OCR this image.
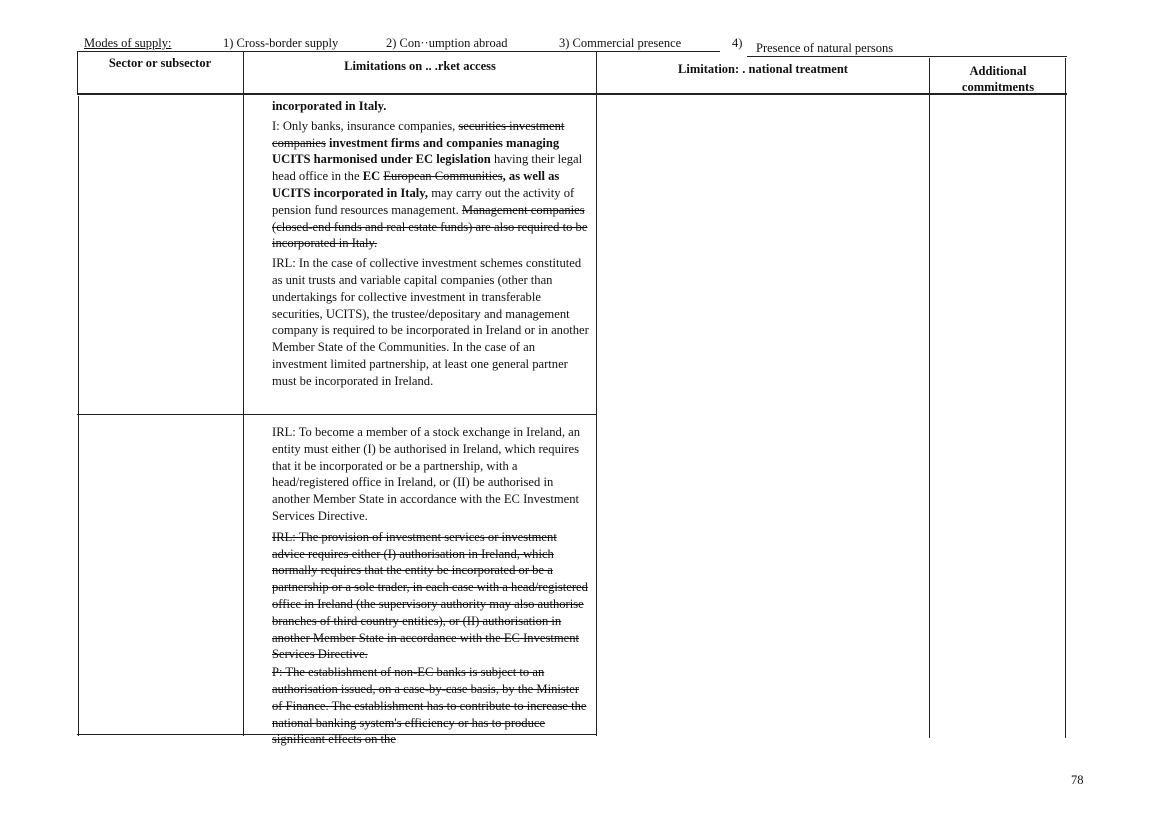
Modes of supply:	1) Cross-border supply	2) Con··umption abroad	3) Commercial presence	4) Presence of natural persons
Sector or subsector	Limitations on .. .rket access	Limitation: . national treatment	Additional
commitments

incorporated in Italy.

I: Only banks, insurance companies, securities investment companies investment firms and companies managing UCITS harmonised under EC legislation having their legal head office in the EC European Communities, as well as UCITS incorporated in Italy, may carry out the activity of pension fund resources management. Management companies (closed-end funds and real estate funds) are also required to be incorporated in Italy.

IRL: In the case of collective investment schemes constituted as unit trusts and variable capital companies (other than undertakings for collective investment in transferable securities, UCITS), the trustee/depositary and management company is required to be incorporated in Ireland or in another Member State of the Communities. In the case of an investment limited partnership, at least one general partner must be incorporated in Ireland.

IRL: To become a member of a stock exchange in Ireland, an entity must either (I) be authorised in Ireland, which requires that it be incorporated or be a partnership, with a head/registered office in Ireland, or (II) be authorised in another Member State in accordance with the EC Investment Services Directive.

IRL: The provision of investment services or investment advice requires either (I) authorisation in Ireland, which normally requires that the entity be incorporated or be a partnership or a sole trader, in each case with a head/registered office in Ireland (the supervisory authority may also authorise branches of third country entities), or (II) authorisation in another Member State in accordance with the EC Investment Services Directive.

P: The establishment of non-EC banks is subject to an authorisation issued, on a case-by-case basis, by the Minister of Finance. The establishment has to contribute to increase the national banking system's efficiency or has to produce significant effects on the

78
